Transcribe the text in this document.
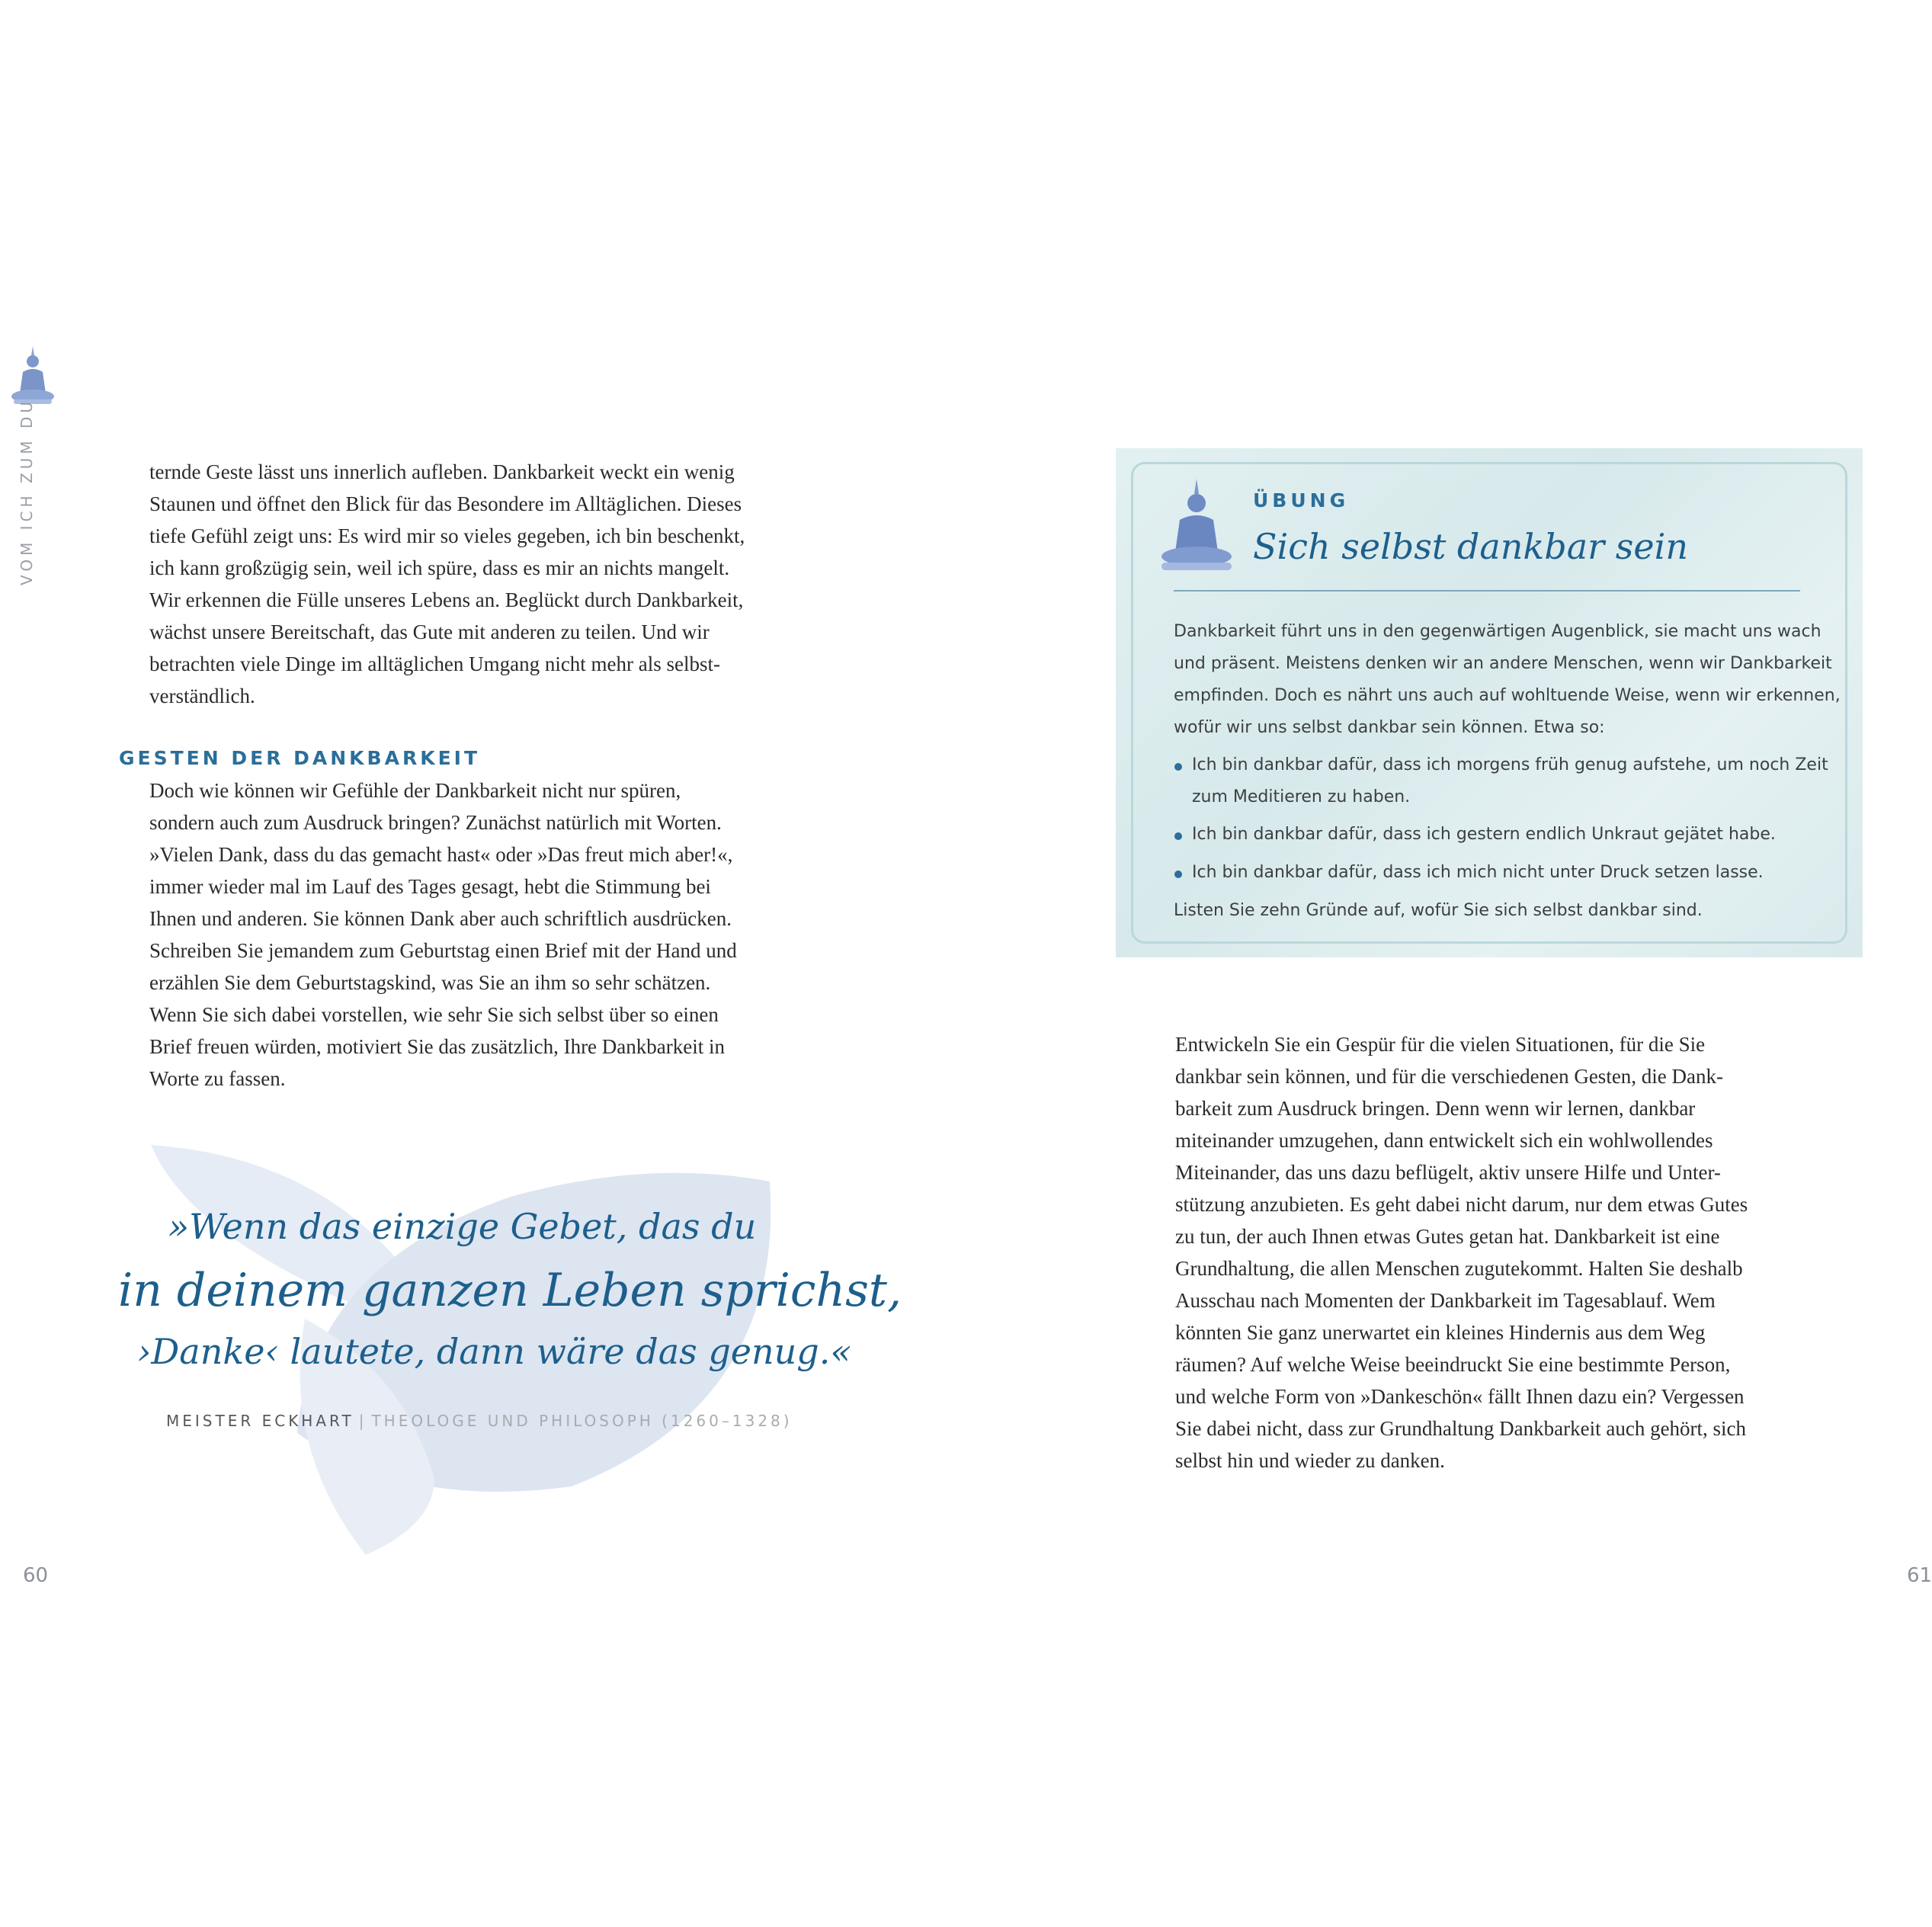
VOM ICH ZUM DU	ternde Geste lässt uns innerlich aufleben. Dankbarkeit weckt ein wenig
Staunen und öffnet den Blick für das Besondere im Alltäglichen. Dieses
tiefe Gefühl zeigt uns: Es wird mir so vieles gegeben, ich bin beschenkt,
ich kann großzügig sein, weil ich spüre, dass es mir an nichts mangelt.
Wir erkennen die Fülle unseres Lebens an. Beglückt durch Dankbarkeit,
wächst unsere Bereitschaft, das Gute mit anderen zu teilen. Und wir
betrachten viele Dinge im alltäglichen Umgang nicht mehr als selbst-
verständlich.
GESTEN DER DANKBARKEIT
Doch wie können wir Gefühle der Dankbarkeit nicht nur spüren,
sondern auch zum Ausdruck bringen? Zunächst natürlich mit Worten.
»Vielen Dank, dass du das gemacht hast« oder »Das freut mich aber!«,
immer wieder mal im Lauf des Tages gesagt, hebt die Stimmung bei
Ihnen und anderen. Sie können Dank aber auch schriftlich ausdrücken.
Schreiben Sie jemandem zum Geburtstag einen Brief mit der Hand und
erzählen Sie dem Geburtstagskind, was Sie an ihm so sehr schätzen.
Wenn Sie sich dabei vorstellen, wie sehr Sie sich selbst über so einen
Brief freuen würden, motiviert Sie das zusätzlich, Ihre Dankbarkeit in
Worte zu fassen.
»Wenn das einzige Gebet, das du
in deinem ganzen Leben sprichst,
›Danke‹ lautete, dann wäre das genug.«
MEISTER ECKHART | THEOLOGE UND PHILOSOPH (1260–1328)
60
ÜBUNG
Sich selbst dankbar sein
Dankbarkeit führt uns in den gegenwärtigen Augenblick, sie macht uns wach
und präsent. Meistens denken wir an andere Menschen, wenn wir Dankbarkeit
empfinden. Doch es nährt uns auch auf wohltuende Weise, wenn wir erkennen,
wofür wir uns selbst dankbar sein können. Etwa so:
Ich bin dankbar dafür, dass ich morgens früh genug aufstehe, um noch Zeit
zum Meditieren zu haben.
Ich bin dankbar dafür, dass ich gestern endlich Unkraut gejätet habe.
Ich bin dankbar dafür, dass ich mich nicht unter Druck setzen lasse.
Listen Sie zehn Gründe auf, wofür Sie sich selbst dankbar sind.
Entwickeln Sie ein Gespür für die vielen Situationen, für die Sie
dankbar sein können, und für die verschiedenen Gesten, die Dank-
barkeit zum Ausdruck bringen. Denn wenn wir lernen, dankbar
miteinander umzugehen, dann entwickelt sich ein wohlwollendes
Miteinander, das uns dazu beflügelt, aktiv unsere Hilfe und Unter-
stützung anzubieten. Es geht dabei nicht darum, nur dem etwas Gutes
zu tun, der auch Ihnen etwas Gutes getan hat. Dankbarkeit ist eine
Grundhaltung, die allen Menschen zugutekommt. Halten Sie deshalb
Ausschau nach Momenten der Dankbarkeit im Tagesablauf. Wem
könnten Sie ganz unerwartet ein kleines Hindernis aus dem Weg
räumen? Auf welche Weise beeindruckt Sie eine bestimmte Person,
und welche Form von »Dankeschön« fällt Ihnen dazu ein? Vergessen
Sie dabei nicht, dass zur Grundhaltung Dankbarkeit auch gehört, sich
selbst hin und wieder zu danken.
61
